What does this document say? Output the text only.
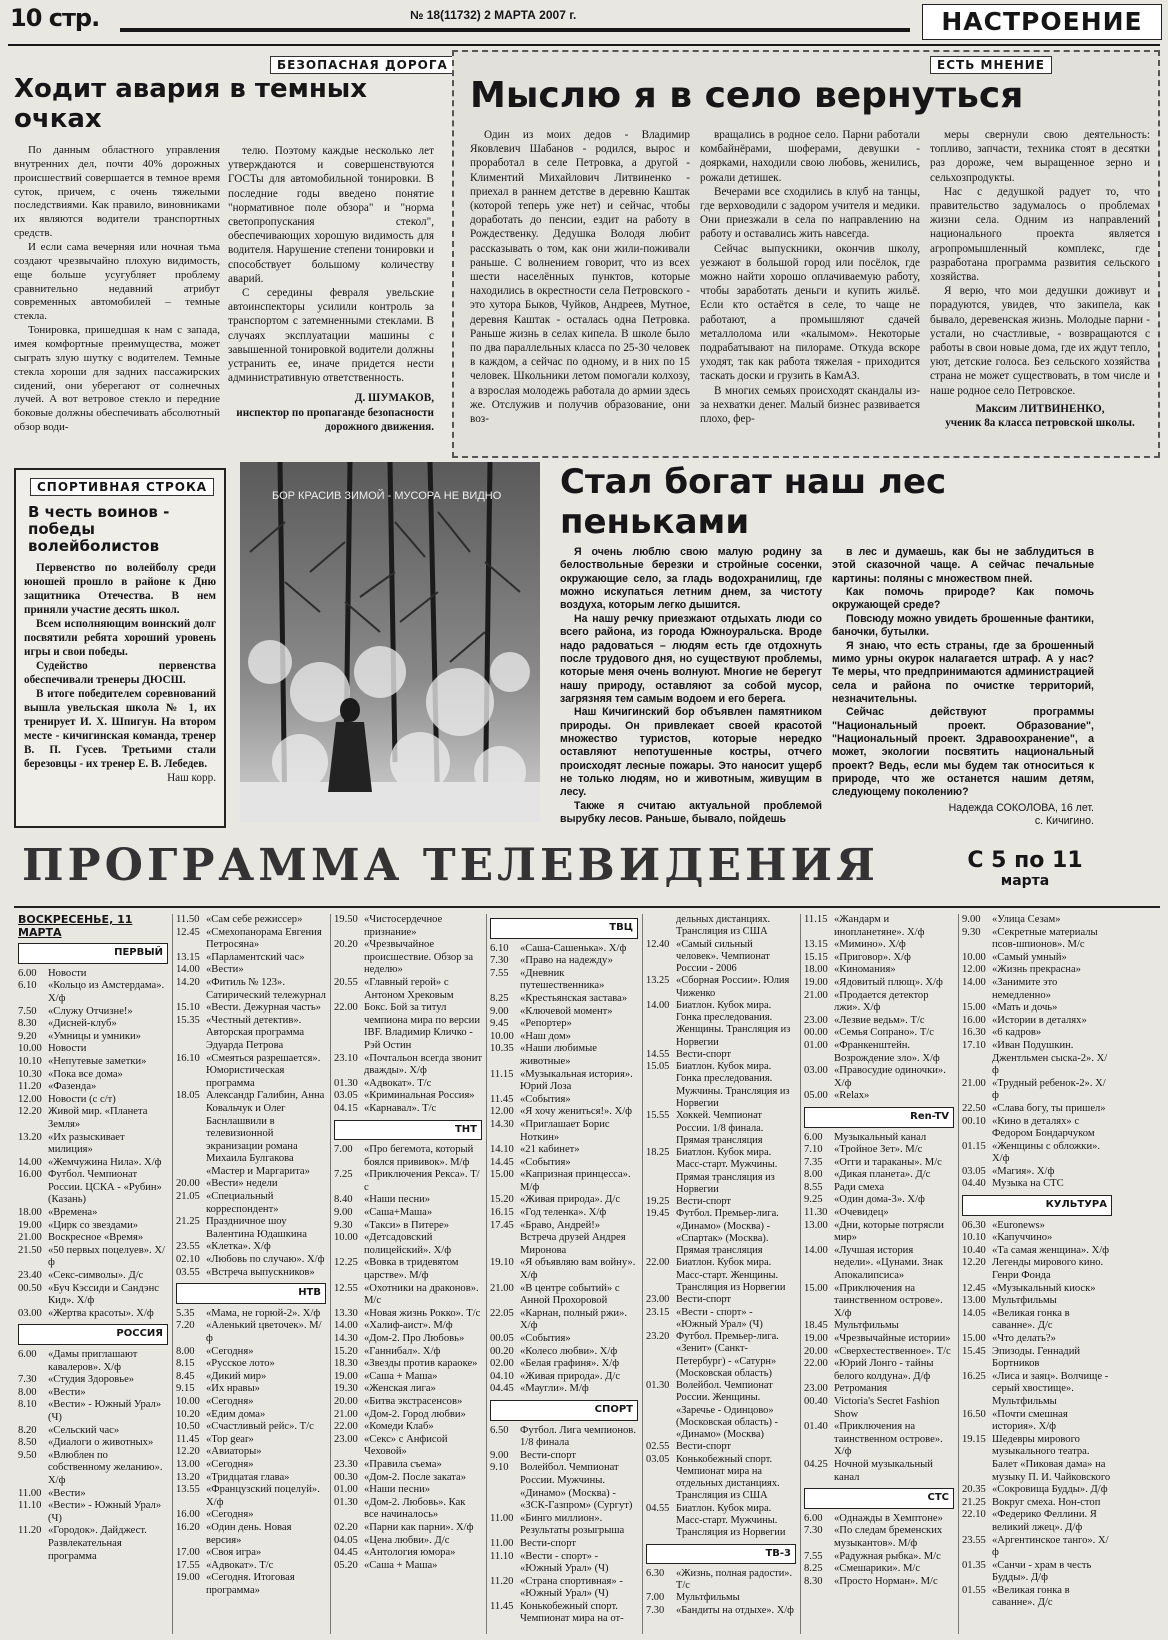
10 стр.	№ 18(11732) 2 МАРТА 2007 г.	НАСТРОЕНИЕ
БЕЗОПАСНАЯ ДОРОГА
Ходит авария в темных очках

По данным областного управления внутренних дел, почти 40% дорожных происшествий совершается в темное время суток, причем, с очень тяжелыми последствиями. Как правило, виновниками их являются водители транспортных средств.

И если сама вечерняя или ночная тьма создают чрезвычайно плохую видимость, еще больше усугубляет проблему сравнительно недавний атрибут современных автомобилей – темные стекла.

Тонировка, пришедшая к нам с запада, имея комфортные преимущества, может сыграть злую шутку с водителем. Темные стекла хороши для задних пассажирских сидений, они уберегают от солнечных лучей. А вот ветровое стекло и передние боковые должны обеспечивать абсолютный обзор води-

телю. Поэтому каждые несколько лет утверждаются и совершенствуются ГОСТы для автомобильной тонировки. В последние годы введено понятие "нормативное поле обзора" и "норма светопропускания стекол", обеспечивающих хорошую видимость для водителя. Нарушение степени тонировки и способствует большому количеству аварий.

С середины февраля увельские автоинспекторы усилили контроль за транспортом с затемненными стеклами. В случаях эксплуатации машины с завышенной тонировкой водители должны устранить ее, иначе придется нести административную ответственность.

Д. ШУМАКОВ,

инспектор по пропаганде безопасности дорожного движения.

ЕСТЬ МНЕНИЕ
Мыслю я в село вернуться

Один из моих дедов - Владимир Яковлевич Шабанов - родился, вырос и проработал в селе Петровка, а другой - Климентий Михайлович Литвиненко - приехал в раннем детстве в деревню Каштак (которой теперь уже нет) и сейчас, чтобы доработать до пенсии, ездит на работу в Рождественку. Дедушка Володя любит рассказывать о том, как они жили-поживали раньше. С волнением говорит, что из всех шести населённых пунктов, которые находились в окрестности села Петровского - это хутора Быков, Чуйков, Андреев, Мутное, деревня Каштак - осталась одна Петровка. Раньше жизнь в селах кипела. В школе было по два параллельных класса по 25-30 человек в каждом, а сейчас по одному, и в них по 15 человек. Школьники летом помогали колхозу, а взрослая молодежь работала до армии здесь же. Отслужив и получив образование, они воз-

вращались в родное село. Парни работали комбайнёрами, шоферами, девушки - доярками, находили свою любовь, женились, рожали детишек.

Вечерами все сходились в клуб на танцы, где верховодили с задором учителя и медики. Они приезжали в села по направлению на работу и оставались жить навсегда.

Сейчас выпускники, окончив школу, уезжают в большой город или посёлок, где можно найти хорошо оплачиваемую работу, чтобы заработать деньги и купить жильё. Если кто остаётся в селе, то чаще не работают, а промышляют сдачей металлолома или «калымом». Некоторые подрабатывают на пилораме. Откуда вскоре уходят, так как работа тяжелая - приходится таскать доски и грузить в КамАЗ.

В многих семьях происходят скандалы из-за нехватки денег. Малый бизнес развивается плохо, фер-

меры свернули свою деятельность: топливо, запчасти, техника стоят в десятки раз дороже, чем выращенное зерно и сельхозпродукты.

Нас с дедушкой радует то, что правительство задумалось о проблемах жизни села. Одним из направлений национального проекта является агропромышленный комплекс, где разработана программа развития сельского хозяйства.

Я верю, что мои дедушки доживут и порадуются, увидев, что закипела, как бывало, деревенская жизнь. Молодые парни - устали, но счастливые, - возвращаются с работы в свои новые дома, где их ждут тепло, уют, детские голоса. Без сельского хозяйства страна не может существовать, в том числе и наше родное село Петровское.

Максим ЛИТВИНЕНКО,

ученик 8а класса петровской школы.

СПОРТИВНАЯ СТРОКА
В честь воинов - победы волейболистов

Первенство по волейболу среди юношей прошло в районе к Дню защитника Отечества. В нем приняли участие десять школ.

Всем исполняющим воинский долг посвятили ребята хороший уровень игры и свои победы.

Судейство первенства обеспечивали тренеры ДЮСШ.

В итоге победителем соревнований вышла увельская школа № 1, их тренирует И. Х. Шпигун. На втором месте - кичигинская команда, тренер В. П. Гусев. Третьими стали березовцы - их тренер Е. В. Лебедев.

Наш корр.

БОР КРАСИВ ЗИМОЙ - МУСОРА НЕ ВИДНО Стал богат наш лес пеньками

Я очень люблю свою малую родину за белоствольные березки и стройные сосенки, окружающие село, за гладь водохранилищ, где можно искупаться летним днем, за чистоту воздуха, которым легко дышится.

На нашу речку приезжают отдыхать люди со всего района, из города Южноуральска. Вроде надо радоваться – людям есть где отдохнуть после трудового дня, но существуют проблемы, которые меня очень волнуют. Многие не берегут нашу природу, оставляют за собой мусор, загрязняя тем самым водоем и его берега.

Наш Кичигинский бор объявлен памятником природы. Он привлекает своей красотой множество туристов, которые нередко оставляют непотушенные костры, отчего происходят лесные пожары. Это наносит ущерб не только людям, но и животным, живущим в лесу.

Также я считаю актуальной проблемой вырубку лесов. Раньше, бывало, пойдешь

в лес и думаешь, как бы не заблудиться в этой сказочной чаще. А сейчас печальные картины: поляны с множеством пней.

Как помочь природе? Как помочь окружающей среде?

Повсюду можно увидеть брошенные фантики, баночки, бутылки.

Я знаю, что есть страны, где за брошенный мимо урны окурок налагается штраф. А у нас? Те меры, что предпринимаются администрацией села и района по очистке территорий, незначительны.

Сейчас действуют программы "Национальный проект. Образование", "Национальный проект. Здравоохранение", а может, экологии посвятить национальный проект? Ведь, если мы будем так относиться к природе, что же останется нашим детям, следующему поколению?

Надежда СОКОЛОВА, 16 лет.

с. Кичигино.

ПРОГРАММА ТЕЛЕВИДЕНИЯ	С 5 по 11
марта
ВОСКРЕСЕНЬЕ, 11 МАРТА
ПЕРВЫЙ
6.00	Новости
6.10	«Кольцо из Амстердама». Х/ф
7.50	«Служу Отчизне!»
8.30	«Дисней-клуб»
9.20	«Умницы и умники»
10.00 Новости
10.10 «Непутевые заметки»
10.30 «Пока все дома»
11.20 «Фазенда»
12.00 Новости (с с/т)
12.20 Живой мир. «Планета Земля»
13.20 «Их разыскивает милиция»
14.00 «Жемчужина Нила». Х/ф
16.00 Футбол. Чемпионат России. ЦСКА - «Рубин» (Казань)
18.00 «Времена»
19.00 «Цирк со звездами»
21.00 Воскресное «Время»
21.50 «50 первых поцелуев». Х/ф
23.40 «Секс-символы». Д/с
00.50 «Буч Кэссиди и Сандэнс Кид». Х/ф
03.00 «Жертва красоты». Х/ф
РОССИЯ
6.00	«Дамы приглашают кавалеров». Х/ф
7.30	«Студия Здоровье»
8.00	«Вести»
8.10	«Вести» - Южный Урал» (Ч)
8.20	«Сельский час»
8.50	«Диалоги о животных»
9.50	«Влюблен по собственному желанию». Х/ф
11.00 «Вести»
11.10 «Вести» - Южный Урал» (Ч)
11.20 «Городок». Дайджест. Развлекательная программа
11.50 «Сам себе режиссер»
12.45 «Смехопанорама Евгения Петросяна»
13.15 «Парламентский час»
14.00 «Вести»
14.20 «Фитиль № 123». Сатирический тележурнал
15.10 «Вести. Дежурная часть»
15.35 «Честный детектив». Авторская программа Эдуарда Петрова
16.10 «Смеяться разрешается». Юмористическая программа
18.05 Александр Галибин, Анна Ковальчук и Олег Баснлашвили в телевизионной экранизации романа Михаила Булгакова «Мастер и Маргарита»
20.00 «Вести» недели
21.05 «Специальный корреспондент»
21.25 Праздничное шоу Валентина Юдашкина
23.55 «Клетка». Х/ф
02.10 «Любовь по случаю». Х/ф
03.55 «Встреча выпускников»
НТВ
5.35	«Мама, не горюй-2». Х/ф
7.20	«Аленький цветочек». М/ф
8.00	«Сегодня»
8.15	«Русское лото»
8.45	«Дикий мир»
9.15	«Их нравы»
10.00 «Сегодня»
10.20 «Едим дома»
10.50 «Счастливый рейс». Т/с
11.45 «Top gear»
12.20 «Авиаторы»
13.00 «Сегодня»
13.20 «Тридцатая глава»
13.55 «Французский поцелуй». Х/ф
16.00 «Сегодня»
16.20 «Один день. Новая версия»
17.00 «Своя игра»
17.55 «Адвокат». Т/с
19.00 «Сегодня. Итоговая программа»
19.50 «Чистосердечное признание»
20.20 «Чрезвычайное происшествие. Обзор за неделю»
20.55 «Главный герой» с Антоном Хрековым
22.00 Бокс. Бой за титул чемпиона мира по версии IBF. Владимир Кличко - Рэй Остин
23.10 «Почтальон всегда звонит дважды». Х/ф
01.30 «Адвокат». Т/с
03.05 «Криминальная Россия»
04.15 «Карнавал». Т/с
ТНТ
7.00	«Про бегемота, который боялся прививок». М/ф
7.25	«Приключения Рекса». Т/с
8.40	«Наши песни»
9.00	«Саша+Маша»
9.30	«Такси» в Питере»
10.00 «Детсадовский полицейский». Х/ф
12.25 «Вовка в тридевятом царстве». М/ф
12.55 «Охотники на драконов». М/с
13.30 «Новая жизнь Рокко». Т/с
14.00 «Халиф-аист». М/ф
14.30 «Дом-2. Про Любовь»
15.20 «Ганнибал». Х/ф
18.30 «Звезды против караоке»
19.00 «Саша + Маша»
19.30 «Женская лига»
20.00 «Битва экстрасенсов»
21.00 «Дом-2. Город любви»
22.00 «Комеди Клаб»
23.00 «Секс» с Анфисой Чеховой»
23.30 «Правила съема»
00.30 «Дом-2. После заката»
01.00 «Наши песни»
01.30 «Дом-2. Любовь». Как все начиналось»
02.20 «Парни как парни». Х/ф
04.05 «Цена любви». Д/с
04.45 «Антология юмора»
05.20 «Саша + Маша»
ТВЦ
6.10	«Саша-Сашенька». Х/ф
7.30	«Право на надежду»
7.55	«Дневник путешественника»
8.25	«Крестьянская застава»
9.00	«Ключевой момент»
9.45	«Репортер»
10.00 «Наш дом»
10.35 «Наши любимые животные»
11.15 «Музыкальная история». Юрий Лоза
11.45 «События»
12.00 «Я хочу жениться!». Х/ф
14.30 «Приглашает Борис Ноткин»
14.10 «21 кабинет»
14.45 «События»
15.00 «Капризная принцесса». М/ф
15.20 «Живая природа». Д/с
16.15 «Год теленка». Х/ф
17.45 «Браво, Андрей!» Встреча друзей Андрея Миронова
19.10 «Я объявляю вам войну». Х/ф
21.00 «В центре событий» с Анной Прохоровой
22.05 «Карнан, полный ржи». Х/ф
00.05 «События»
00.20 «Колесо любви». Х/ф
02.00 «Белая графиня». Х/ф
04.10 «Живая природа». Д/с
04.45 «Маугли». М/ф
СПОРТ
6.50	Футбол. Лига чемпионов. 1/8 финала
9.00	Вести-спорт
9.10	Волейбол. Чемпионат России. Мужчины. «Динамо» (Москва) - «ЗСК-Газпром» (Сургут)
11.00 «Бинго миллион». Результаты розыгрыша
11.00 Вести-спорт
11.10 «Вести - спорт» - «Южный Урал» (Ч)
11.20 «Страна спортивная» - «Южный Урал» (Ч)
11.45 Конькобежный спорт. Чемпионат мира на от-
дельных дистанциях. Трансляция из США
12.40 «Самый сильный человек». Чемпионат России - 2006
13.25 «Сборная России». Юлия Чиженко
14.00 Биатлон. Кубок мира. Гонка преследования. Женщины. Трансляция из Норвегии
14.55 Вести-спорт
15.05 Биатлон. Кубок мира. Гонка преследования. Мужчины. Трансляция из Норвегии
15.55 Хоккей. Чемпионат России. 1/8 финала. Прямая трансляция
18.25 Биатлон. Кубок мира. Масс-старт. Мужчины. Прямая трансляция из Норвегии
19.25 Вести-спорт
19.45 Футбол. Премьер-лига. «Динамо» (Москва) - «Спартак» (Москва). Прямая трансляция
22.00 Биатлон. Кубок мира. Масс-старт. Женщины. Трансляция из Норвегии
23.00 Вести-спорт
23.15 «Вести - спорт» - «Южный Урал» (Ч)
23.20 Футбол. Премьер-лига. «Зенит» (Санкт-Петербург) - «Сатурн» (Московская область)
01.30 Волейбол. Чемпионат России. Женщины. «Заречье - Одинцово» (Московская область) - «Динамо» (Москва)
02.55 Вести-спорт
03.05 Конькобежный спорт. Чемпионат мира на отдельных дистанциях. Трансляция из США
04.55 Биатлон. Кубок мира. Масс-старт. Мужчины. Трансляция из Норвегии
ТВ-3
6.30	«Жизнь, полная радости». Т/с
7.00	Мультфильмы
7.30	«Бандиты на отдыхе». Х/ф
11.15 «Жандарм и инопланетяне». Х/ф
13.15 «Мимино». Х/ф
15.15 «Приговор». Х/ф
18.00 «Киномания»
19.00 «Ядовитый плющ». Х/ф
21.00 «Продается детектор лжи». Х/ф
23.00 «Лезвие ведьм». Т/с
00.00 «Семья Сопрано». Т/с
01.00 «Франкенштейн. Возрождение зло». Х/ф
03.00 «Правосудие одиночки». Х/ф
05.00 «Relax»
Ren-TV
6.00	Музыкальный канал
7.10	«Тройное Зет». М/с
7.35	«Огги и тараканы». М/с
8.00	«Дикая планета». Д/с
8.55	Ради смеха
9.25	«Один дома-3». Х/ф
11.30 «Очевидец»
13.00 «Дни, которые потрясли мир»
14.00 «Лучшая история недели». «Цунами. Знак Апокалипсиса»
15.00 «Приключения на таинственном острове». Х/ф
18.45 Мультфильмы
19.00 «Чрезвычайные истории»
20.00 «Сверхестественное». Т/с
22.00 «Юрий Лонго - тайны белого колдуна». Д/ф
23.00 Ретромания
00.40 Victoria's Secret Fashion Show
01.40 «Приключения на таинственном острове». Х/ф
04.25 Ночной музыкальный канал
СТС
6.00	«Однажды в Хемптоне»
7.30	«По следам бременских музыкантов». М/ф
7.55	«Радужная рыбка». М/с
8.25	«Смешарики». М/с
8.30	«Просто Норман». М/с
9.00	«Улица Сезам»
9.30	«Секретные материалы псов-шпионов». М/с
10.00 «Самый умный»
12.00 «Жизнь прекрасна»
14.00 «Занимите это немедленно»
15.00 «Мать и дочь»
16.00 «Истории в деталях»
16.30 «6 кадров»
17.10 «Иван Подушкин. Джентльмен сыска-2». Х/ф
21.00 «Трудный ребенок-2». Х/ф
22.50 «Слава богу, ты пришел»
00.10 «Кино в деталях» с Федором Бондарчуком
01.15 «Женщины с обложки». Х/ф
03.05 «Магия». Х/ф
04.40 Музыка на СТС
КУЛЬТУРА
06.30 «Euronews»
10.10 «Капуччино»
10.40 «Та самая женщина». Х/ф
12.20 Легенды мирового кино. Генри Фонда
12.45 «Музыкальный киоск»
13.00 Мультфильмы
14.05 «Великая гонка в саванне». Д/с
15.00 «Что делать?»
15.45 Эпизоды. Геннадий Бортников
16.25 «Лиса и заяц». Волчище - серый хвостище». Мультфильмы
16.50 «Почти смешная история». Х/ф
19.15 Шедевры мирового музыкального театра. Балет «Пиковая дама» на музыку П. И. Чайковского
20.35 «Сокровища Будды». Д/ф
21.25 Вокруг смеха. Нон-стоп
22.10 «Федерико Феллини. Я великий лжец». Д/ф
23.55 «Аргентинское танго». Х/ф
01.35 «Санчи - храм в честь Будды». Д/ф
01.55 «Великая гонка в саванне». Д/с
